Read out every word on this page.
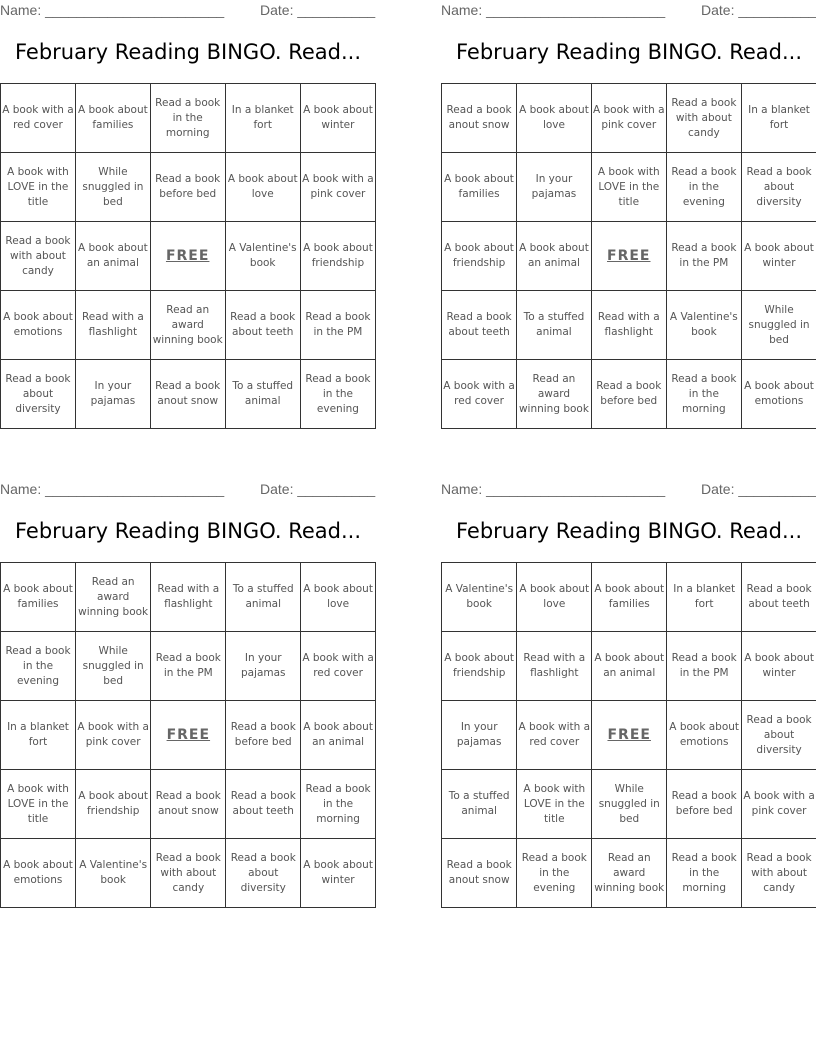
Name: _______________________	Date: __________
February Reading BINGO. Read...
A book with a red cover	A book about families	Read a book in the morning	In a blanket fort	A book about winter
A book with LOVE in the title	While snuggled in bed	Read a book before bed	A book about love	A book with a pink cover
Read a book with about candy	A book about an animal	FREE	A Valentine's book	A book about friendship
A book about emotions	Read with a flashlight	Read an award winning book	Read a book about teeth	Read a book in the PM
Read a book about diversity	In your pajamas	Read a book anout snow	To a stuffed animal	Read a book in the evening
Name: _______________________	Date: __________
February Reading BINGO. Read...
Read a book anout snow	A book about love	A book with a pink cover	Read a book with about candy	In a blanket fort
A book about families	In your pajamas	A book with LOVE in the title	Read a book in the evening	Read a book about diversity
A book about friendship	A book about an animal	FREE	Read a book in the PM	A book about winter
Read a book about teeth	To a stuffed animal	Read with a flashlight	A Valentine's book	While snuggled in bed
A book with a red cover	Read an award winning book	Read a book before bed	Read a book in the morning	A book about emotions
Name: _______________________	Date: __________
February Reading BINGO. Read...
A book about families	Read an award winning book	Read with a flashlight	To a stuffed animal	A book about love
Read a book in the evening	While snuggled in bed	Read a book in the PM	In your pajamas	A book with a red cover
In a blanket fort	A book with a pink cover	FREE	Read a book before bed	A book about an animal
A book with LOVE in the title	A book about friendship	Read a book anout snow	Read a book about teeth	Read a book in the morning
A book about emotions	A Valentine's book	Read a book with about candy	Read a book about diversity	A book about winter
Name: _______________________	Date: __________
February Reading BINGO. Read...
A Valentine's book	A book about love	A book about families	In a blanket fort	Read a book about teeth
A book about friendship	Read with a flashlight	A book about an animal	Read a book in the PM	A book about winter
In your pajamas	A book with a red cover	FREE	A book about emotions	Read a book about diversity
To a stuffed animal	A book with LOVE in the title	While snuggled in bed	Read a book before bed	A book with a pink cover
Read a book anout snow	Read a book in the evening	Read an award winning book	Read a book in the morning	Read a book with about candy
